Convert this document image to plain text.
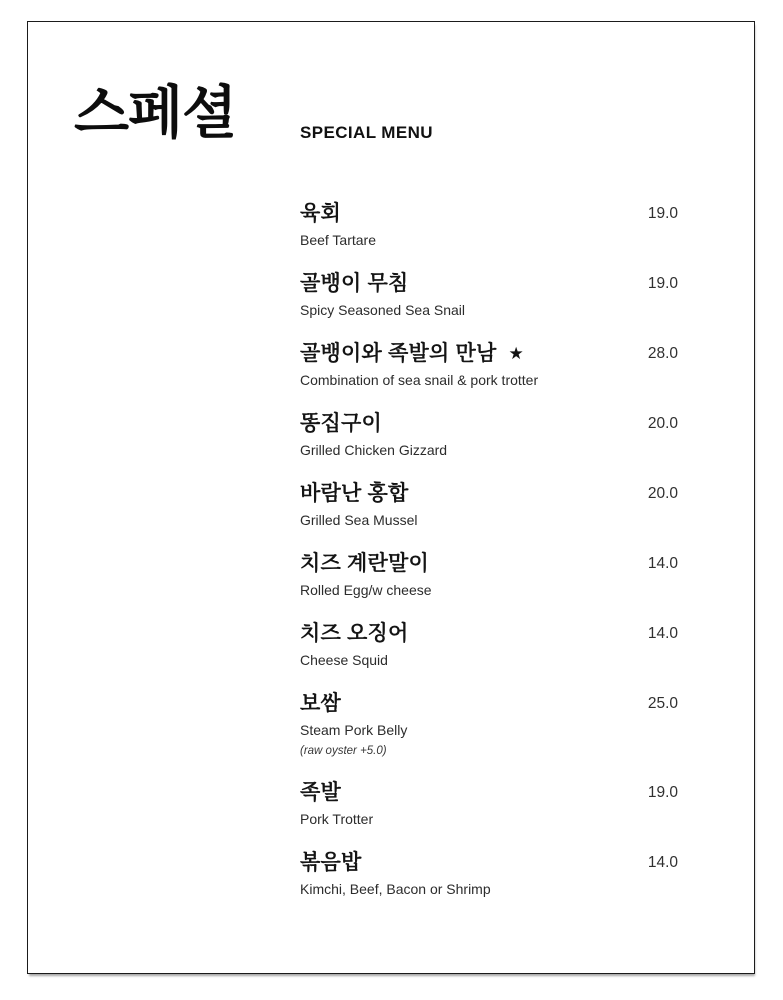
스페셜	SPECIAL MENU
육회	19.0
Beef Tartare
골뱅이 무침	19.0
Spicy Seasoned Sea Snail
골뱅이와 족발의 만남 ★	28.0
Combination of sea snail & pork trotter
똥집구이	20.0
Grilled Chicken Gizzard
바람난 홍합	20.0
Grilled Sea Mussel
치즈 계란말이	14.0
Rolled Egg/w cheese
치즈 오징어	14.0
Cheese Squid
보쌈	25.0
Steam Pork Belly
(raw oyster +5.0)
족발	19.0
Pork Trotter
볶음밥	14.0
Kimchi, Beef, Bacon or Shrimp
